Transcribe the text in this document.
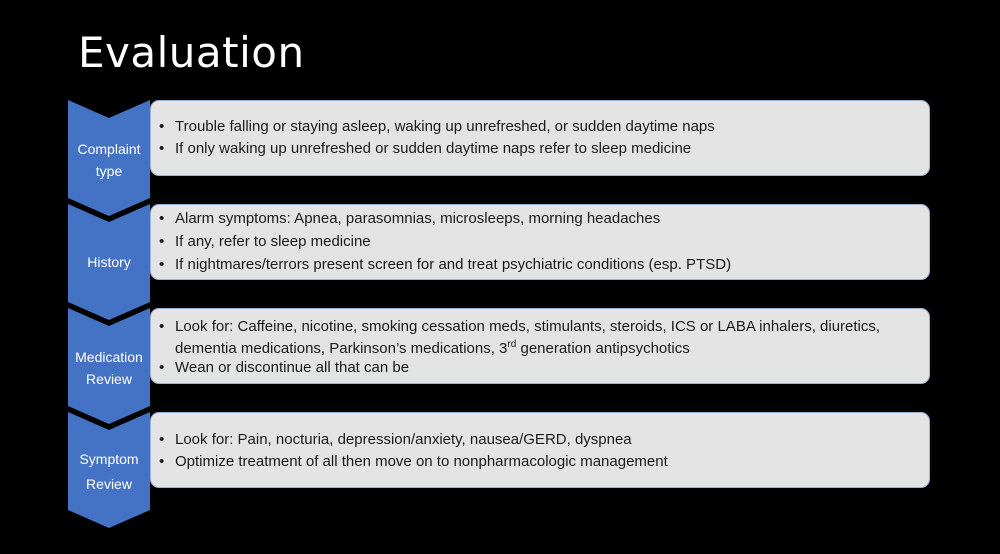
Evaluation
Complaint
type
• Trouble falling or staying asleep, waking up unrefreshed, or sudden daytime naps
• If only waking up unrefreshed or sudden daytime naps refer to sleep medicine
History
• Alarm symptoms: Apnea, parasomnias, microsleeps, morning headaches
• If any, refer to sleep medicine
• If nightmares/terrors present screen for and treat psychiatric conditions (esp. PTSD)
Medication
Review
• Look for: Caffeine, nicotine, smoking cessation meds, stimulants, steroids, ICS or LABA inhalers, diuretics, dementia medications, Parkinson’s medications, 3rd generation antipsychotics
• Wean or discontinue all that can be
Symptom
Review
• Look for: Pain, nocturia, depression/anxiety, nausea/GERD, dyspnea
• Optimize treatment of all then move on to nonpharmacologic management
